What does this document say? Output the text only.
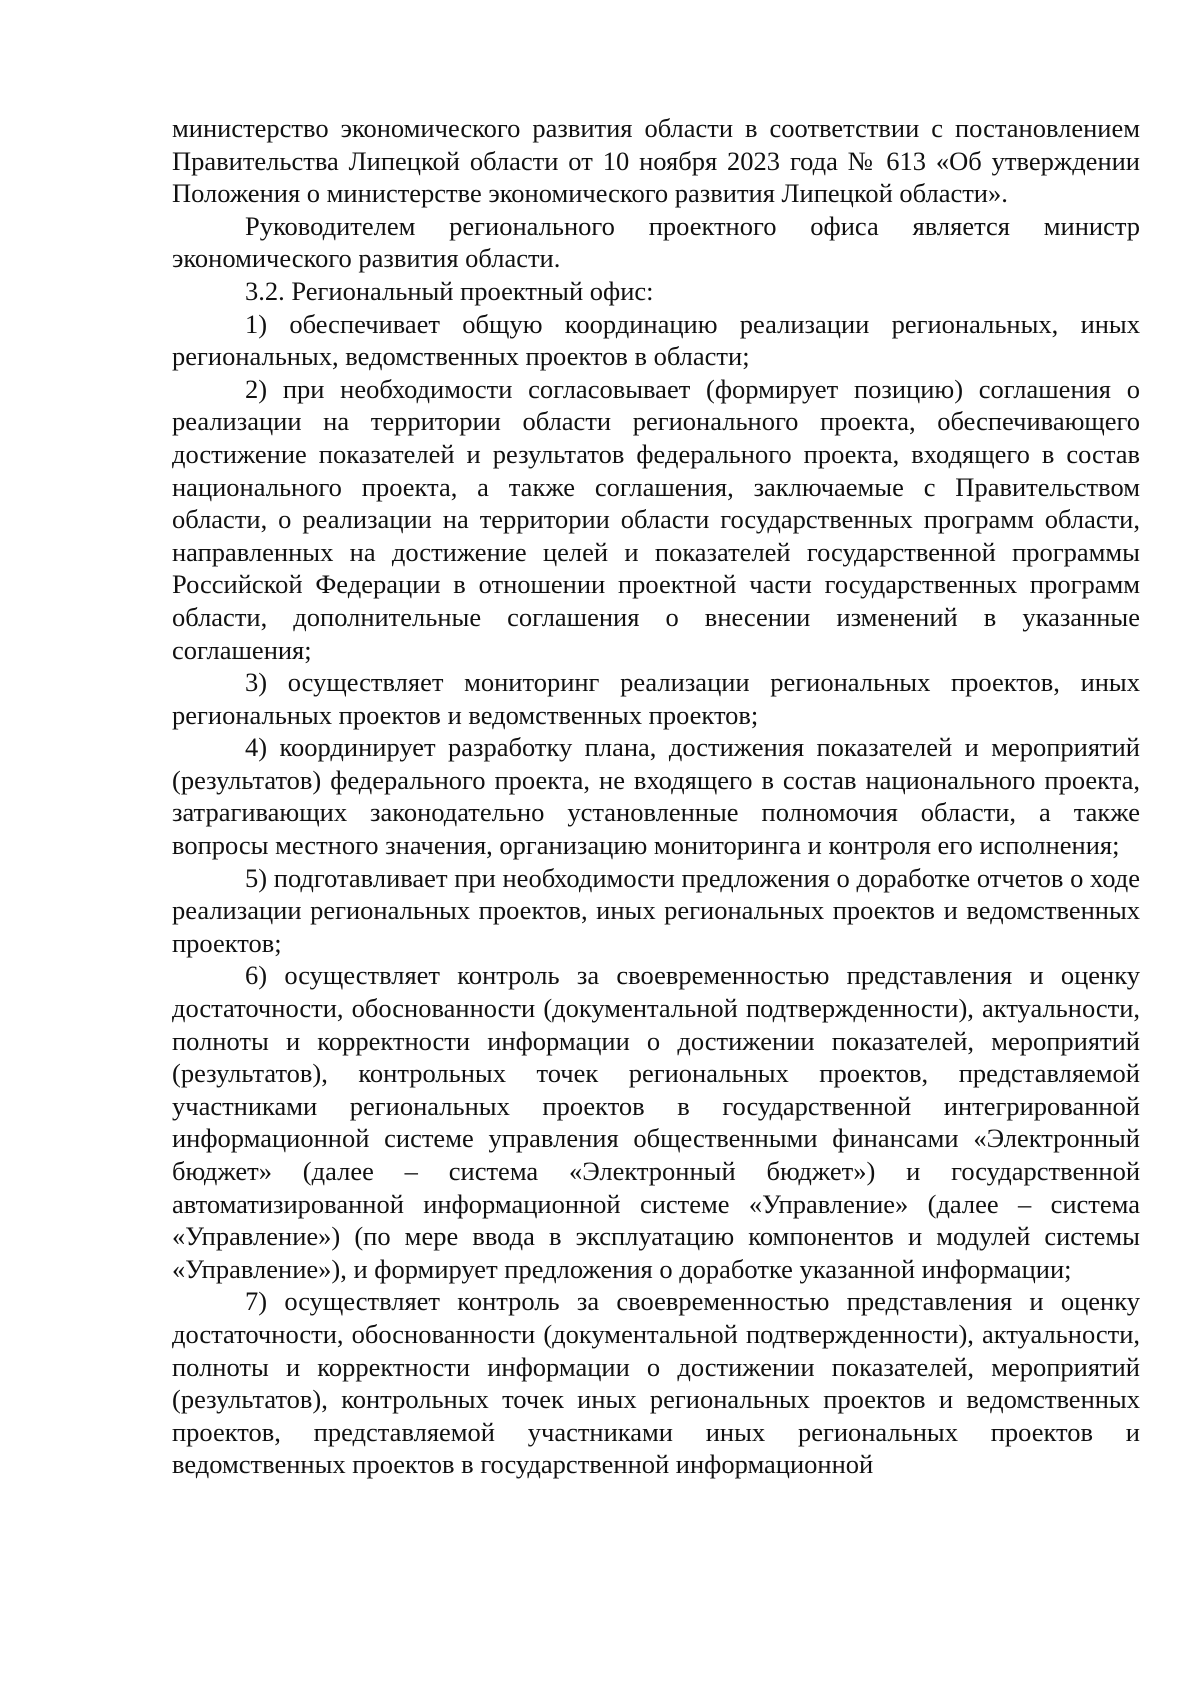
министерство экономического развития области в соответствии с постановлением Правительства Липецкой области от 10 ноября 2023 года № 613 «Об утверждении Положения о министерстве экономического развития Липецкой области».

Руководителем регионального проектного офиса является министр экономического развития области.

3.2. Региональный проектный офис:

1) обеспечивает общую координацию реализации региональных, иных региональных, ведомственных проектов в области;

2) при необходимости согласовывает (формирует позицию) соглашения о реализации на территории области регионального проекта, обеспечивающего достижение показателей и результатов федерального проекта, входящего в состав национального проекта, а также соглашения, заключаемые с Правительством области, о реализации на территории области государственных программ области, направленных на достижение целей и показателей государственной программы Российской Федерации в отношении проектной части государственных программ области, дополнительные соглашения о внесении изменений в указанные соглашения;

3) осуществляет мониторинг реализации региональных проектов, иных региональных проектов и ведомственных проектов;

4) координирует разработку плана, достижения показателей и мероприятий (результатов) федерального проекта, не входящего в состав национального проекта, затрагивающих законодательно установленные полномочия области, а также вопросы местного значения, организацию мониторинга и контроля его исполнения;

5) подготавливает при необходимости предложения о доработке отчетов о ходе реализации региональных проектов, иных региональных проектов и ведомственных проектов;

6) осуществляет контроль за своевременностью представления и оценку достаточности, обоснованности (документальной подтвержденности), актуальности, полноты и корректности информации о достижении показателей, мероприятий (результатов), контрольных точек региональных проектов, представляемой участниками региональных проектов в государственной интегрированной информационной системе управления общественными финансами «Электронный бюджет» (далее – система «Электронный бюджет») и государственной автоматизированной информационной системе «Управление» (далее – система «Управление») (по мере ввода в эксплуатацию компонентов и модулей системы «Управление»), и формирует предложения о доработке указанной информации;

7) осуществляет контроль за своевременностью представления и оценку достаточности, обоснованности (документальной подтвержденности), актуальности, полноты и корректности информации о достижении показателей, мероприятий (результатов), контрольных точек иных региональных проектов и ведомственных проектов, представляемой участниками иных региональных проектов и ведомственных проектов в государственной информационной
